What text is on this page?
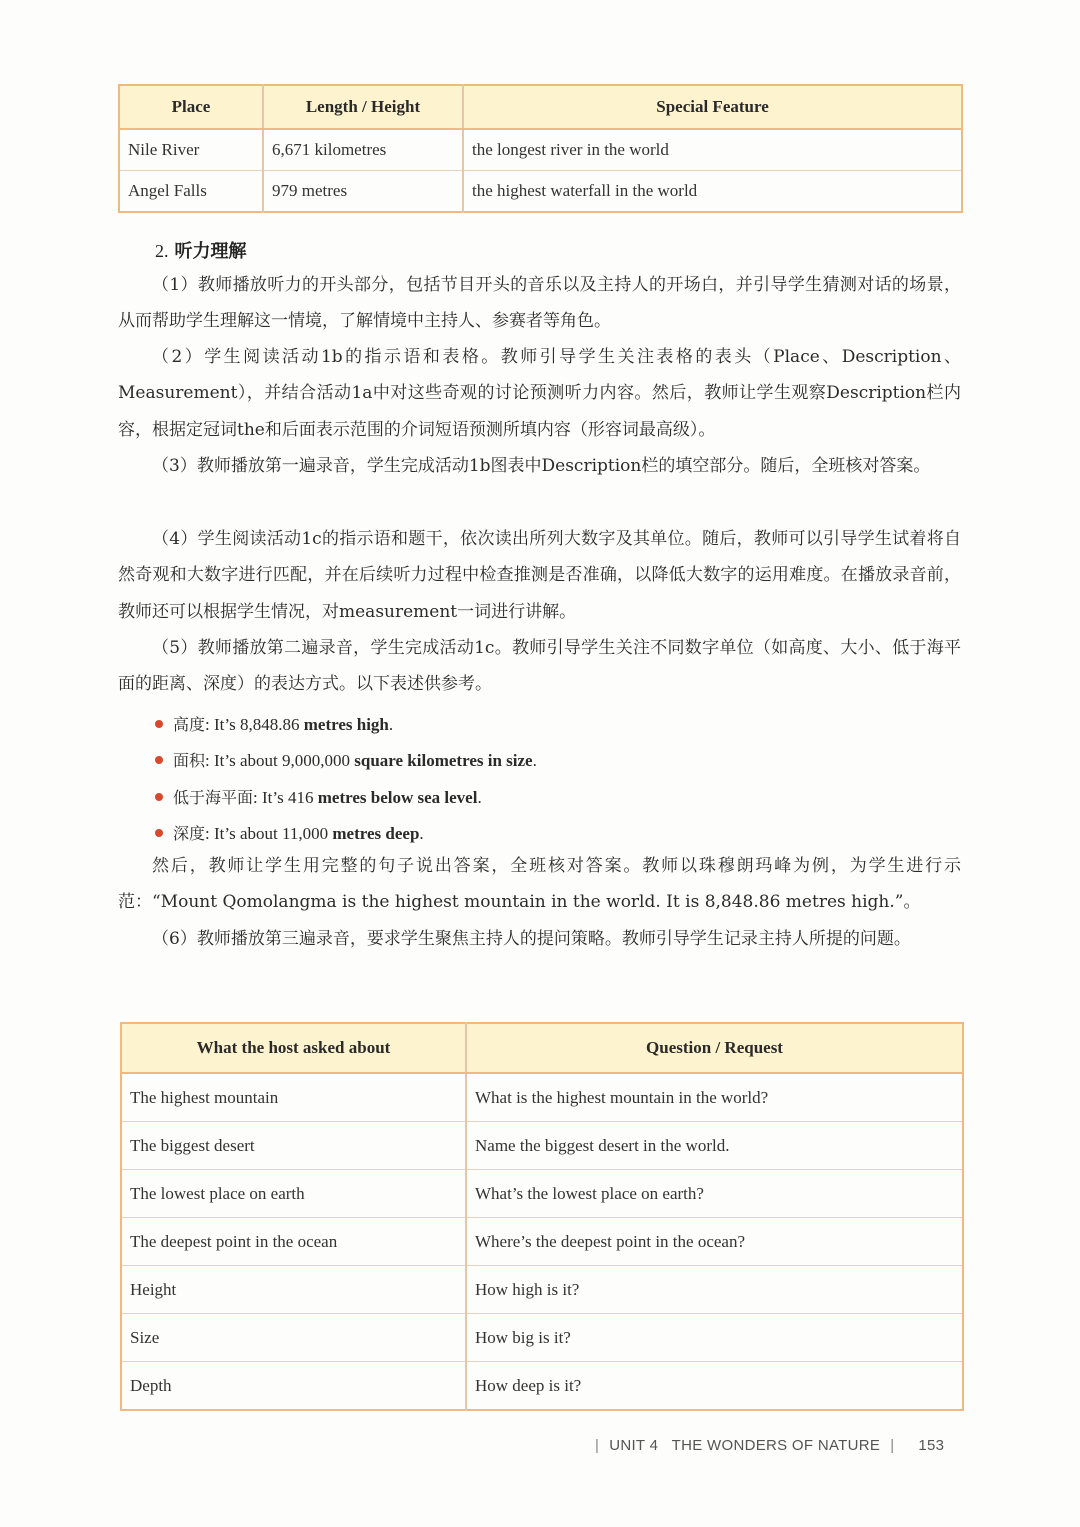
Place	Length / Height	Special Feature
Nile River	6,671 kilometres	the longest river in the world
Angel Falls	979 metres	the highest waterfall in the world
2. 听力理解

（1）教师播放听力的开头部分，包括节目开头的音乐以及主持人的开场白，并引导学生猜测对话的场景，从而帮助学生理解这一情境，了解情境中主持人、参赛者等角色。

（2）学生阅读活动1b的指示语和表格。教师引导学生关注表格的表头（Place、Description、Measurement），并结合活动1a中对这些奇观的讨论预测听力内容。然后，教师让学生观察Description栏内容，根据定冠词the和后面表示范围的介词短语预测所填内容（形容词最高级）。

（3）教师播放第一遍录音，学生完成活动1b图表中Description栏的填空部分。随后，全班核对答案。

（4）学生阅读活动1c的指示语和题干，依次读出所列大数字及其单位。随后，教师可以引导学生试着将自然奇观和大数字进行匹配，并在后续听力过程中检查推测是否准确，以降低大数字的运用难度。在播放录音前，教师还可以根据学生情况，对measurement一词进行讲解。

（5）教师播放第二遍录音，学生完成活动1c。教师引导学生关注不同数字单位（如高度、大小、低于海平面的距离、深度）的表达方式。以下表述供参考。

高度: It’s 8,848.86 metres high.
面积: It’s about 9,000,000 square kilometres in size.
低于海平面: It’s 416 metres below sea level.
深度: It’s about 11,000 metres deep.

然后，教师让学生用完整的句子说出答案，全班核对答案。教师以珠穆朗玛峰为例，为学生进行示范：“Mount Qomolangma is the highest mountain in the world. It is 8,848.86 metres high.”。

（6）教师播放第三遍录音，要求学生聚焦主持人的提问策略。教师引导学生记录主持人所提的问题。

What the host asked about	Question / Request
The highest mountain	What is the highest mountain in the world?
The biggest desert	Name the biggest desert in the world.
The lowest place on earth	What’s the lowest place on earth?
The deepest point in the ocean	Where’s the deepest point in the ocean?
Height	How high is it?
Size	How big is it?
Depth	How deep is it?
| UNIT 4 THE WONDERS OF NATURE | 153
